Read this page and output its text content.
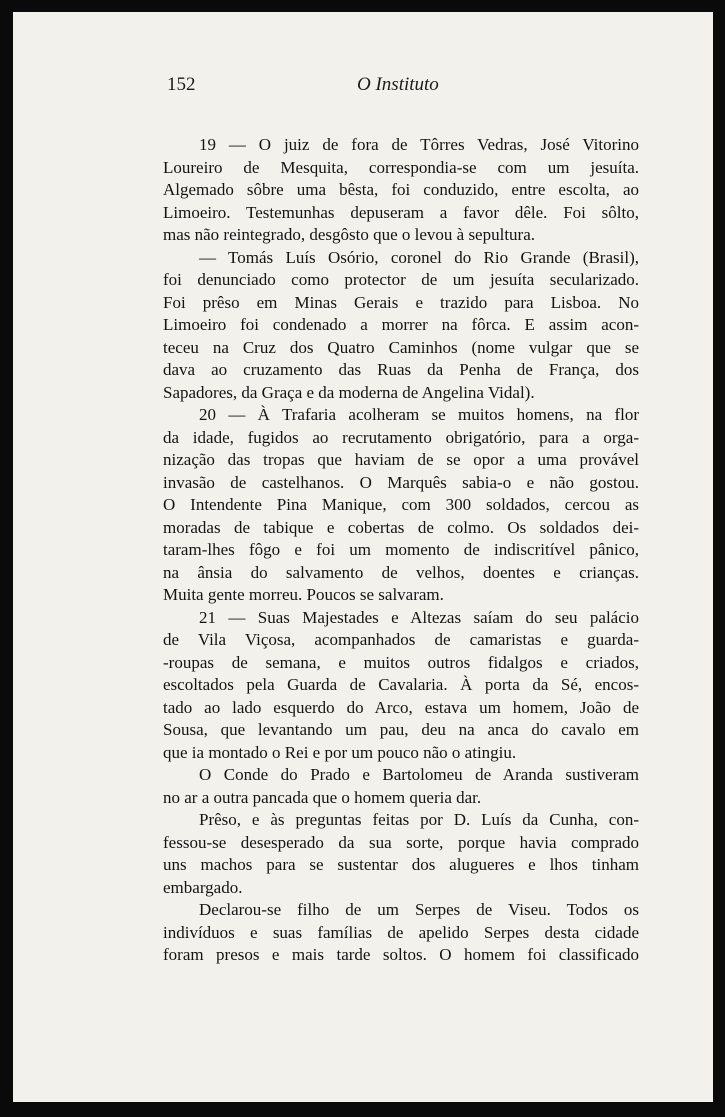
152	O Instituto
19 — O juiz de fora de Tôrres Vedras, José Vitorino
Loureiro de Mesquita, correspondia-se com um jesuíta.
Algemado sôbre uma bêsta, foi conduzido, entre escolta, ao
Limoeiro. Testemunhas depuseram a favor dêle. Foi sôlto,
mas não reintegrado, desgôsto que o levou à sepultura.
— Tomás Luís Osório, coronel do Rio Grande (Brasil),
foi denunciado como protector de um jesuíta secularizado.
Foi prêso em Minas Gerais e trazido para Lisboa. No
Limoeiro foi condenado a morrer na fôrca. E assim acon-
teceu na Cruz dos Quatro Caminhos (nome vulgar que se
dava ao cruzamento das Ruas da Penha de França, dos
Sapadores, da Graça e da moderna de Angelina Vidal).
20 — À Trafaria acolheram se muitos homens, na flor
da idade, fugidos ao recrutamento obrigatório, para a orga-
nização das tropas que haviam de se opor a uma provável
invasão de castelhanos. O Marquês sabia-o e não gostou.
O Intendente Pina Manique, com 300 soldados, cercou as
moradas de tabique e cobertas de colmo. Os soldados dei-
taram-lhes fôgo e foi um momento de indiscritível pânico,
na ânsia do salvamento de velhos, doentes e crianças.
Muita gente morreu. Poucos se salvaram.
21 — Suas Majestades e Altezas saíam do seu palácio
de Vila Viçosa, acompanhados de camaristas e guarda-
-roupas de semana, e muitos outros fidalgos e criados,
escoltados pela Guarda de Cavalaria. À porta da Sé, encos-
tado ao lado esquerdo do Arco, estava um homem, João de
Sousa, que levantando um pau, deu na anca do cavalo em
que ia montado o Rei e por um pouco não o atingiu.
O Conde do Prado e Bartolomeu de Aranda sustiveram
no ar a outra pancada que o homem queria dar.
Prêso, e às preguntas feitas por D. Luís da Cunha, con-
fessou-se desesperado da sua sorte, porque havia comprado
uns machos para se sustentar dos alugueres e lhos tinham
embargado.
Declarou-se filho de um Serpes de Viseu. Todos os
indivíduos e suas famílias de apelido Serpes desta cidade
foram presos e mais tarde soltos. O homem foi classificado
